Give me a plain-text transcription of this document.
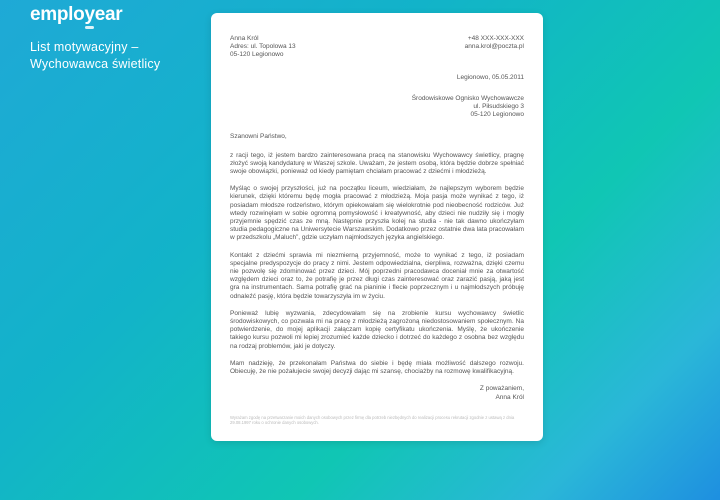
emplo y ear
List motywacyjny – Wychowawca świetlicy
Anna Król
Adres: ul. Topolowa 13
05-120 Legionowo
+48 XXX-XXX-XXX
anna.krol@poczta.pl
Legionowo, 05.05.2011
Środowiskowe Ognisko Wychowawcze
ul. Piłsudskiego 3
05-120 Legionowo
Szanowni Państwo,

z racji tego, iż jestem bardzo zainteresowana pracą na stanowisku Wychowawcy świetlicy, pragnę złożyć swoją kandydaturę w Waszej szkole. Uważam, że jestem osobą, która będzie dobrze spełniać swoje obowiązki, ponieważ od kiedy pamiętam chciałam pracować z dziećmi i młodzieżą.

Myśląc o swojej przyszłości, już na początku liceum, wiedziałam, że najlepszym wyborem będzie kierunek, dzięki któremu będę mogła pracować z młodzieżą. Moja pasja może wynikać z tego, iż posiadam młodsze rodzeństwo, którym opiekowałam się wielokrotnie pod nieobecność rodziców. Już wtedy rozwinęłam w sobie ogromną pomysłowość i kreatywność, aby dzieci nie nudziły się i mogły przyjemnie spędzić czas ze mną. Następnie przyszła kolej na studia - nie tak dawno ukończyłam studia pedagogiczne na Uniwersytecie Warszawskim. Dodatkowo przez ostatnie dwa lata pracowałam w przedszkolu „Maluch”, gdzie uczyłam najmłodszych języka angielskiego.

Kontakt z dziećmi sprawia mi niezmierną przyjemność, może to wynikać z tego, iż posiadam specjalne predyspozycje do pracy z nimi. Jestem odpowiedzialna, cierpliwa, rozważna, dzięki czemu nie pozwolę się zdominować przez dzieci. Mój poprzedni pracodawca doceniał mnie za otwartość względem dzieci oraz to, że potrafię je przez długi czas zainteresować oraz zarazić pasją, jaką jest gra na instrumentach. Sama potrafię grać na pianinie i flecie poprzecznym i u najmłodszych próbuję odnaleźć pasję, która będzie towarzyszyła im w życiu.

Ponieważ lubię wyzwania, zdecydowałam się na zrobienie kursu wychowawcy świetlic środowiskowych, co pozwala mi na pracę z młodzieżą zagrożoną niedostosowaniem społecznym. Na potwierdzenie, do mojej aplikacji załączam kopię certyfikatu ukończenia. Myślę, że ukończenie takiego kursu pozwoli mi lepiej zrozumieć każde dziecko i dotrzeć do każdego z osobna bez względu na rodzaj problemów, jaki je dotyczy.

Mam nadzieję, że przekonałam Państwa do siebie i będę miała możliwość dalszego rozwoju. Obiecuję, że nie pożałujecie swojej decyzji dając mi szansę, chociażby na rozmowę kwalifikacyjną.

Z poważaniem,
Anna Król
Wyrażam zgodę na przetwarzanie moich danych osobowych przez firmę dla potrzeb niezbędnych do realizacji procesu rekrutacji zgodnie z ustawą z dnia 29.08.1997 roku o ochronie danych osobowych.
